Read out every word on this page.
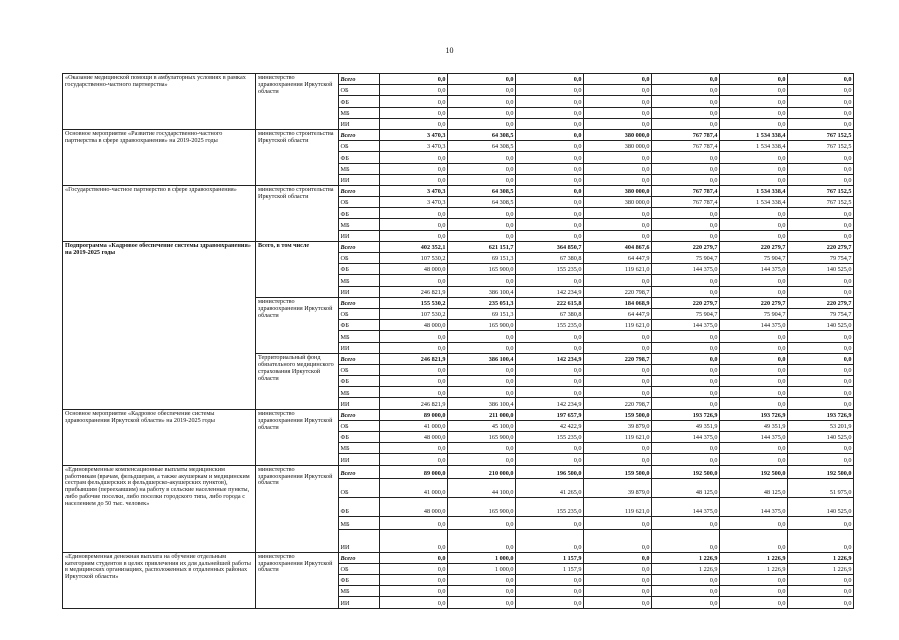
10
«Оказание медицинской помощи в амбулаторных условиях в рамках государственно-частного партнерства»	министерство здравоохранения Иркутской области	Всего	0,0	0,0	0,0	0,0	0,0	0,0	0,0
		ОБ	0,0	0,0	0,0	0,0	0,0	0,0	0,0
		ФБ	0,0	0,0	0,0	0,0	0,0	0,0	0,0
		МБ	0,0	0,0	0,0	0,0	0,0	0,0	0,0
		ИИ	0,0	0,0	0,0	0,0	0,0	0,0	0,0
Основное мероприятие «Развитие государственно-частного партнерства в сфере здравоохранения» на 2019-2025 годы	министерство строительства Иркутской области	Всего	3 470,3	64 308,5	0,0	380 000,0	767 787,4	1 534 338,4	767 152,5
		ОБ	3 470,3	64 308,5	0,0	380 000,0	767 787,4	1 534 338,4	767 152,5
		ФБ	0,0	0,0	0,0	0,0	0,0	0,0	0,0
		МБ	0,0	0,0	0,0	0,0	0,0	0,0	0,0
		ИИ	0,0	0,0	0,0	0,0	0,0	0,0	0,0
«Государственно-частное партнерство в сфере здравоохранения»	министерство строительства Иркутской области	Всего	3 470,3	64 308,5	0,0	380 000,0	767 787,4	1 534 338,4	767 152,5
		ОБ	3 470,3	64 308,5	0,0	380 000,0	767 787,4	1 534 338,4	767 152,5
		ФБ	0,0	0,0	0,0	0,0	0,0	0,0	0,0
		МБ	0,0	0,0	0,0	0,0	0,0	0,0	0,0
		ИИ	0,0	0,0	0,0	0,0	0,0	0,0	0,0
Подпрограмма «Кадровое обеспечение системы здравоохранения» на 2019-2025 годы	Всего, в том числе	Всего	402 352,1	621 151,7	364 850,7	404 867,6	220 279,7	220 279,7	220 279,7
		ОБ	107 530,2	69 151,3	67 380,8	64 447,9	75 904,7	75 904,7	79 754,7
		ФБ	48 000,0	165 900,0	155 235,0	119 621,0	144 375,0	144 375,0	140 525,0
		МБ	0,0	0,0	0,0	0,0	0,0	0,0	0,0
		ИИ	246 821,9	386 100,4	142 234,9	220 798,7	0,0	0,0	0,0
	министерство здравоохранения Иркутской области	Всего	155 530,2	235 051,3	222 615,8	184 068,9	220 279,7	220 279,7	220 279,7
		ОБ	107 530,2	69 151,3	67 380,8	64 447,9	75 904,7	75 904,7	79 754,7
		ФБ	48 000,0	165 900,0	155 235,0	119 621,0	144 375,0	144 375,0	140 525,0
		МБ	0,0	0,0	0,0	0,0	0,0	0,0	0,0
		ИИ	0,0	0,0	0,0	0,0	0,0	0,0	0,0
	Территориальный фонд обязательного медицинского страхования Иркутской области	Всего	246 821,9	386 100,4	142 234,9	220 798,7	0,0	0,0	0,0
		ОБ	0,0	0,0	0,0	0,0	0,0	0,0	0,0
		ФБ	0,0	0,0	0,0	0,0	0,0	0,0	0,0
		МБ	0,0	0,0	0,0	0,0	0,0	0,0	0,0
		ИИ	246 821,9	386 100,4	142 234,9	220 798,7	0,0	0,0	0,0
Основное мероприятие «Кадровое обеспечение системы здравоохранения Иркутской области» на 2019-2025 годы	министерство здравоохранения Иркутской области	Всего	89 000,0	211 000,0	197 657,9	159 500,0	193 726,9	193 726,9	193 726,9
		ОБ	41 000,0	45 100,0	42 422,9	39 879,0	49 351,9	49 351,9	53 201,9
		ФБ	48 000,0	165 900,0	155 235,0	119 621,0	144 375,0	144 375,0	140 525,0
		МБ	0,0	0,0	0,0	0,0	0,0	0,0	0,0
		ИИ	0,0	0,0	0,0	0,0	0,0	0,0	0,0
«Единовременные компенсационные выплаты медицинским работникам (врачам, фельдшерам, а также акушеркам и медицинским сестрам фельдшерских и фельдшерско-акушерских пунктов), прибывшим (переехавшим) на работу в сельские населенные пункты, либо рабочие поселки, либо поселки городского типа, либо города с населением до 50 тыс. человек»	министерство здравоохранения Иркутской области	Всего	89 000,0	210 000,0	196 500,0	159 500,0	192 500,0	192 500,0	192 500,0
		ОБ	41 000,0	44 100,0	41 265,0	39 879,0	48 125,0	48 125,0	51 975,0
		ФБ	48 000,0	165 900,0	155 235,0	119 621,0	144 375,0	144 375,0	140 525,0
		МБ	0,0	0,0	0,0	0,0	0,0	0,0	0,0
		ИИ	0,0	0,0	0,0	0,0	0,0	0,0	0,0
«Единовременная денежная выплата на обучение отдельным категориям студентов в целях привлечения их для дальнейшей работы в медицинских организациях, расположенных в отдаленных районах Иркутской области»	министерство здравоохранения Иркутской области	Всего	0,0	1 000,0	1 157,9	0,0	1 226,9	1 226,9	1 226,9
		ОБ	0,0	1 000,0	1 157,9	0,0	1 226,9	1 226,9	1 226,9
		ФБ	0,0	0,0	0,0	0,0	0,0	0,0	0,0
		МБ	0,0	0,0	0,0	0,0	0,0	0,0	0,0
		ИИ	0,0	0,0	0,0	0,0	0,0	0,0	0,0
